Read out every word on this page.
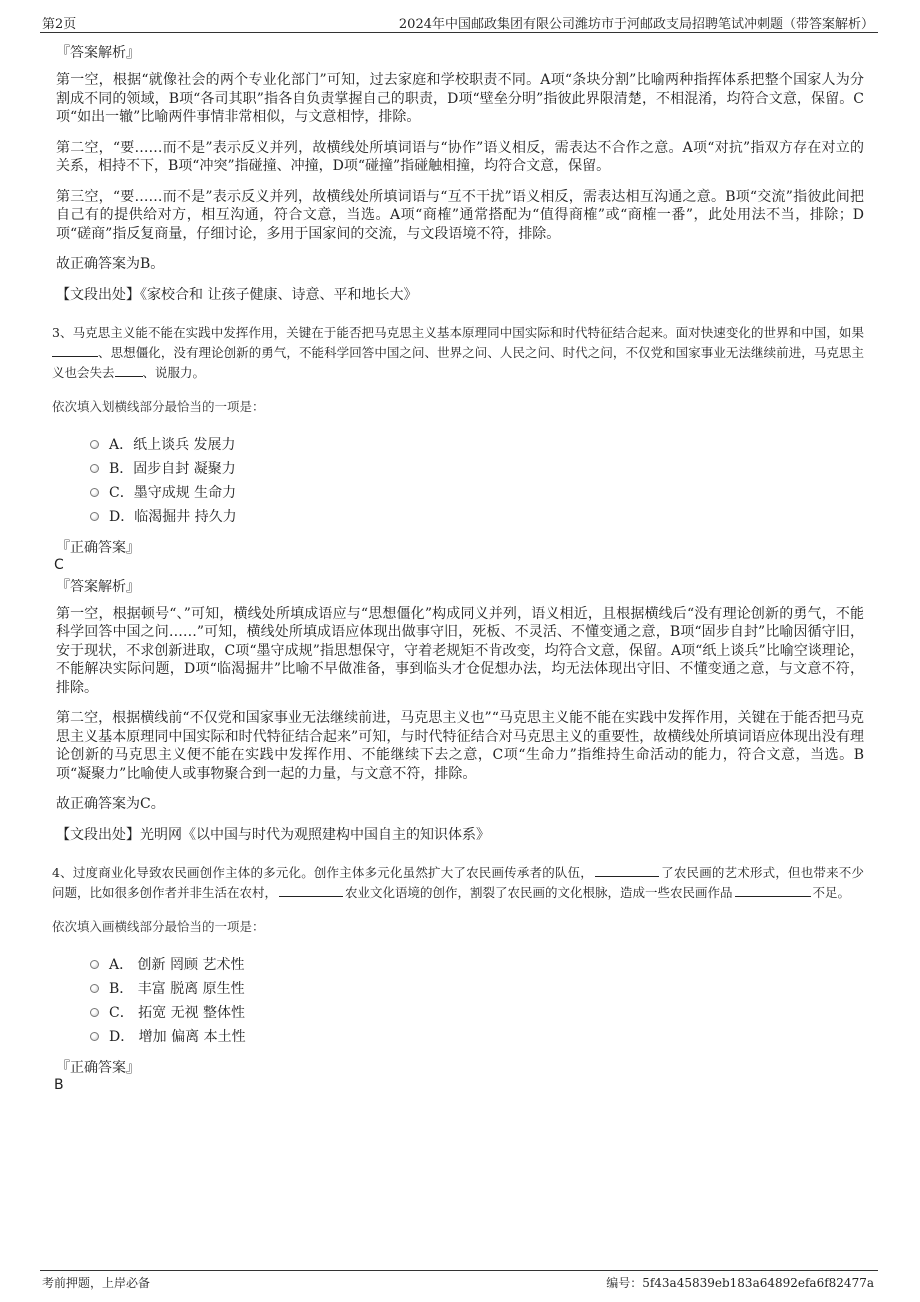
第2页	2024年中国邮政集团有限公司潍坊市于河邮政支局招聘笔试冲刺题（带答案解析）

『答案解析』

第一空，根据“就像社会的两个专业化部门”可知，过去家庭和学校职责不同。A项“条块分割”比喻两种指挥体系把整个国家人为分割成不同的领域，B项“各司其职”指各自负责掌握自己的职责，D项“壁垒分明”指彼此界限清楚，不相混淆，均符合文意，保留。C项“如出一辙”比喻两件事情非常相似，与文意相悖，排除。

第二空，“要……而不是”表示反义并列，故横线处所填词语与“协作”语义相反，需表达不合作之意。A项“对抗”指双方存在对立的关系，相持不下，B项“冲突”指碰撞、冲撞，D项“碰撞”指碰触相撞，均符合文意，保留。

第三空，“要……而不是”表示反义并列，故横线处所填词语与“互不干扰”语义相反，需表达相互沟通之意。B项“交流”指彼此间把自己有的提供给对方，相互沟通，符合文意，当选。A项“商榷”通常搭配为“值得商榷”或“商榷一番”，此处用法不当，排除；D项“磋商”指反复商量，仔细讨论，多用于国家间的交流，与文段语境不符，排除。

故正确答案为B。

【文段出处】《家校合和 让孩子健康、诗意、平和地长大》

3、马克思主义能不能在实践中发挥作用，关键在于能否把马克思主义基本原理同中国实际和时代特征结合起来。面对快速变化的世界和中国，如果、思想僵化，没有理论创新的勇气，不能科学回答中国之问、世界之问、人民之问、时代之问，不仅党和国家事业无法继续前进，马克思主义也会失去 、说服力。

依次填入划横线部分最恰当的一项是：

A．纸上谈兵 发展力
B．固步自封 凝聚力
C．墨守成规 生命力
D．临渴掘井 持久力

『正确答案』

C

『答案解析』

第一空，根据顿号“、”可知，横线处所填成语应与“思想僵化”构成同义并列，语义相近，且根据横线后“没有理论创新的勇气，不能科学回答中国之问……”可知，横线处所填成语应体现出做事守旧，死板、不灵活、不懂变通之意，B项“固步自封”比喻因循守旧，安于现状，不求创新进取，C项“墨守成规”指思想保守，守着老规矩不肯改变，均符合文意，保留。A项“纸上谈兵”比喻空谈理论，不能解决实际问题，D项“临渴掘井”比喻不早做准备，事到临头才仓促想办法，均无法体现出守旧、不懂变通之意，与文意不符，排除。

第二空，根据横线前“不仅党和国家事业无法继续前进，马克思主义也”“马克思主义能不能在实践中发挥作用，关键在于能否把马克思主义基本原理同中国实际和时代特征结合起来”可知，与时代特征结合对马克思主义的重要性，故横线处所填词语应体现出没有理论创新的马克思主义便不能在实践中发挥作用、不能继续下去之意，C项“生命力”指维持生命活动的能力，符合文意，当选。B项“凝聚力”比喻使人或事物聚合到一起的力量，与文意不符，排除。

故正确答案为C。

【文段出处】光明网《以中国与时代为观照建构中国自主的知识体系》

4、过度商业化导致农民画创作主体的多元化。创作主体多元化虽然扩大了农民画传承者的队伍，	了农民画的艺术形式，但也带来不少问题，比如很多创作者并非生活在农村，	农业文化语境的创作，割裂了农民画的文化根脉，造成一些农民画作品	不足。

依次填入画横线部分最恰当的一项是：

A． 创新 罔顾 艺术性
B． 丰富 脱离 原生性
C． 拓宽 无视 整体性
D． 增加 偏离 本土性

『正确答案』

B

考前押题，上岸必备	编号：5f43a45839eb183a64892efa6f82477a
